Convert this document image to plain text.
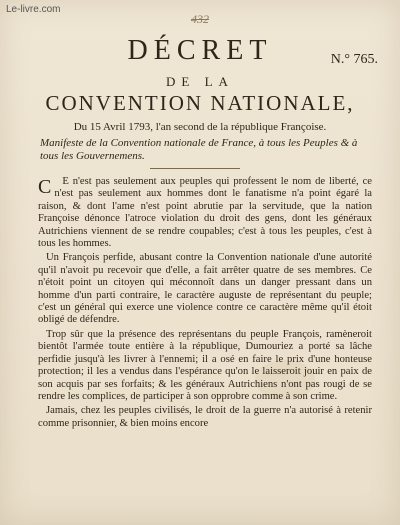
432
DÉCRET	N.° 765.
DE LA
CONVENTION NATIONALE,
Du 15 Avril 1793, l'an second de la république Françoise.
Manifeste de la Convention nationale de France, à tous les Peuples & à tous les Gouvernemens.

C E n'est pas seulement aux peuples qui professent le nom de liberté, ce n'est pas seulement aux hommes dont le fanatisme n'a point égaré la raison, & dont l'ame n'est point abrutie par la servitude, que la nation Françoise dénonce l'atroce violation du droit des gens, dont les généraux Autrichiens viennent de se rendre coupables; c'est à tous les peuples, c'est à tous les hommes.

Un François perfide, abusant contre la Convention nationale d'une autorité qu'il n'avoit pu recevoir que d'elle, a fait arrêter quatre de ses membres. Ce n'étoit point un citoyen qui méconnoît dans un danger pressant dans un homme d'un parti contraire, le caractère auguste de représentant du peuple; c'est un général qui exerce une violence contre ce caractère même qu'il étoit obligé de défendre.

Trop sûr que la présence des représentans du peuple François, ramèneroit bientôt l'armée toute entière à la république, Dumouriez a porté sa lâche perfidie jusqu'à les livrer à l'ennemi; il a osé en faire le prix d'une honteuse protection; il les a vendus dans l'espérance qu'on le laisseroit jouir en paix de son acquis par ses forfaits; & les généraux Autrichiens n'ont pas rougi de se rendre les complices, de participer à son opprobre comme à son crime.

Jamais, chez les peuples civilisés, le droit de la guerre n'a autorisé à retenir comme prisonnier, & bien moins encore

Le-livre.com
